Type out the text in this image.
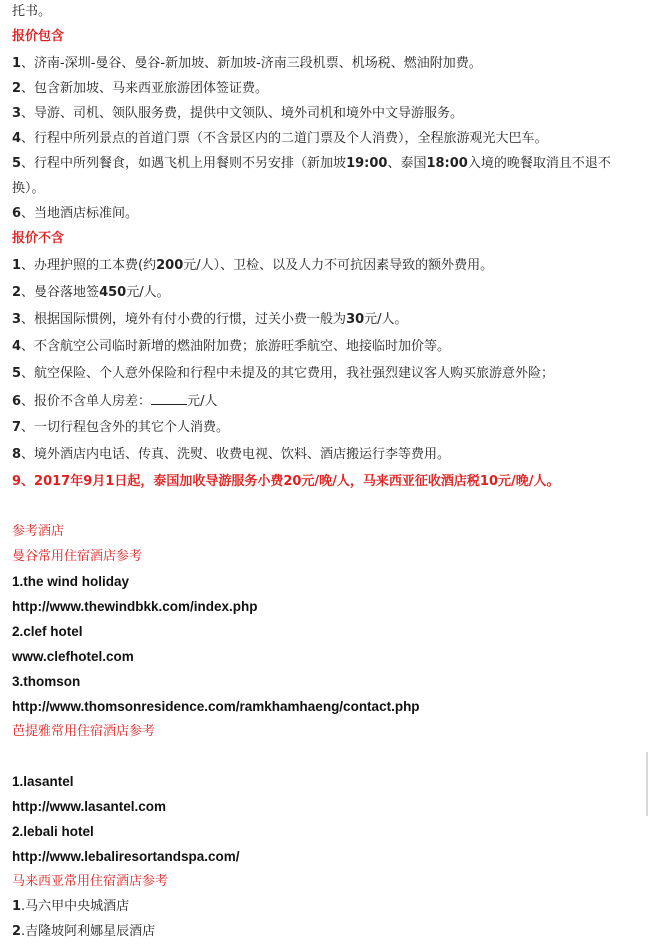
托书。
报价包含
1、济南-深圳-曼谷、曼谷-新加坡、新加坡-济南三段机票、机场税、燃油附加费。
2、包含新加坡、马来西亚旅游团体签证费。
3、导游、司机、领队服务费，提供中文领队、境外司机和境外中文导游服务。
4、行程中所列景点的首道门票（不含景区内的二道门票及个人消费），全程旅游观光大巴车。
5、行程中所列餐食，如遇飞机上用餐则不另安排（新加坡19:00、泰国18:00入境的晚餐取消且不退不
换）。
6、当地酒店标准间。
报价不含
1、办理护照的工本费(约200元/人）、卫检、以及人力不可抗因素导致的额外费用。
2、曼谷落地签450元/人。
3、根据国际惯例，境外有付小费的行惯，过关小费一般为30元/人。
4、不含航空公司临时新增的燃油附加费；旅游旺季航空、地接临时加价等。
5、航空保险、个人意外保险和行程中未提及的其它费用，我社强烈建议客人购买旅游意外险；
6、报价不含单人房差：	元/人
7、一切行程包含外的其它个人消费。
8、境外酒店内电话、传真、洗熨、收费电视、饮料、酒店搬运行李等费用。
9、2017年9月1日起，泰国加收导游服务小费20元/晚/人，马来西亚征收酒店税10元/晚/人。
参考酒店
曼谷常用住宿酒店参考
1.the wind holiday
http://www.thewindbkk.com/index.php
2.clef hotel
www.clefhotel.com
3.thomson
http://www.thomsonresidence.com/ramkhamhaeng/contact.php
芭提雅常用住宿酒店参考
1.lasantel
http://www.lasantel.com
2.lebali hotel
http://www.lebaliresortandspa.com/
马来西亚常用住宿酒店参考
1.马六甲中央城酒店
2.吉隆坡阿利娜星辰酒店
